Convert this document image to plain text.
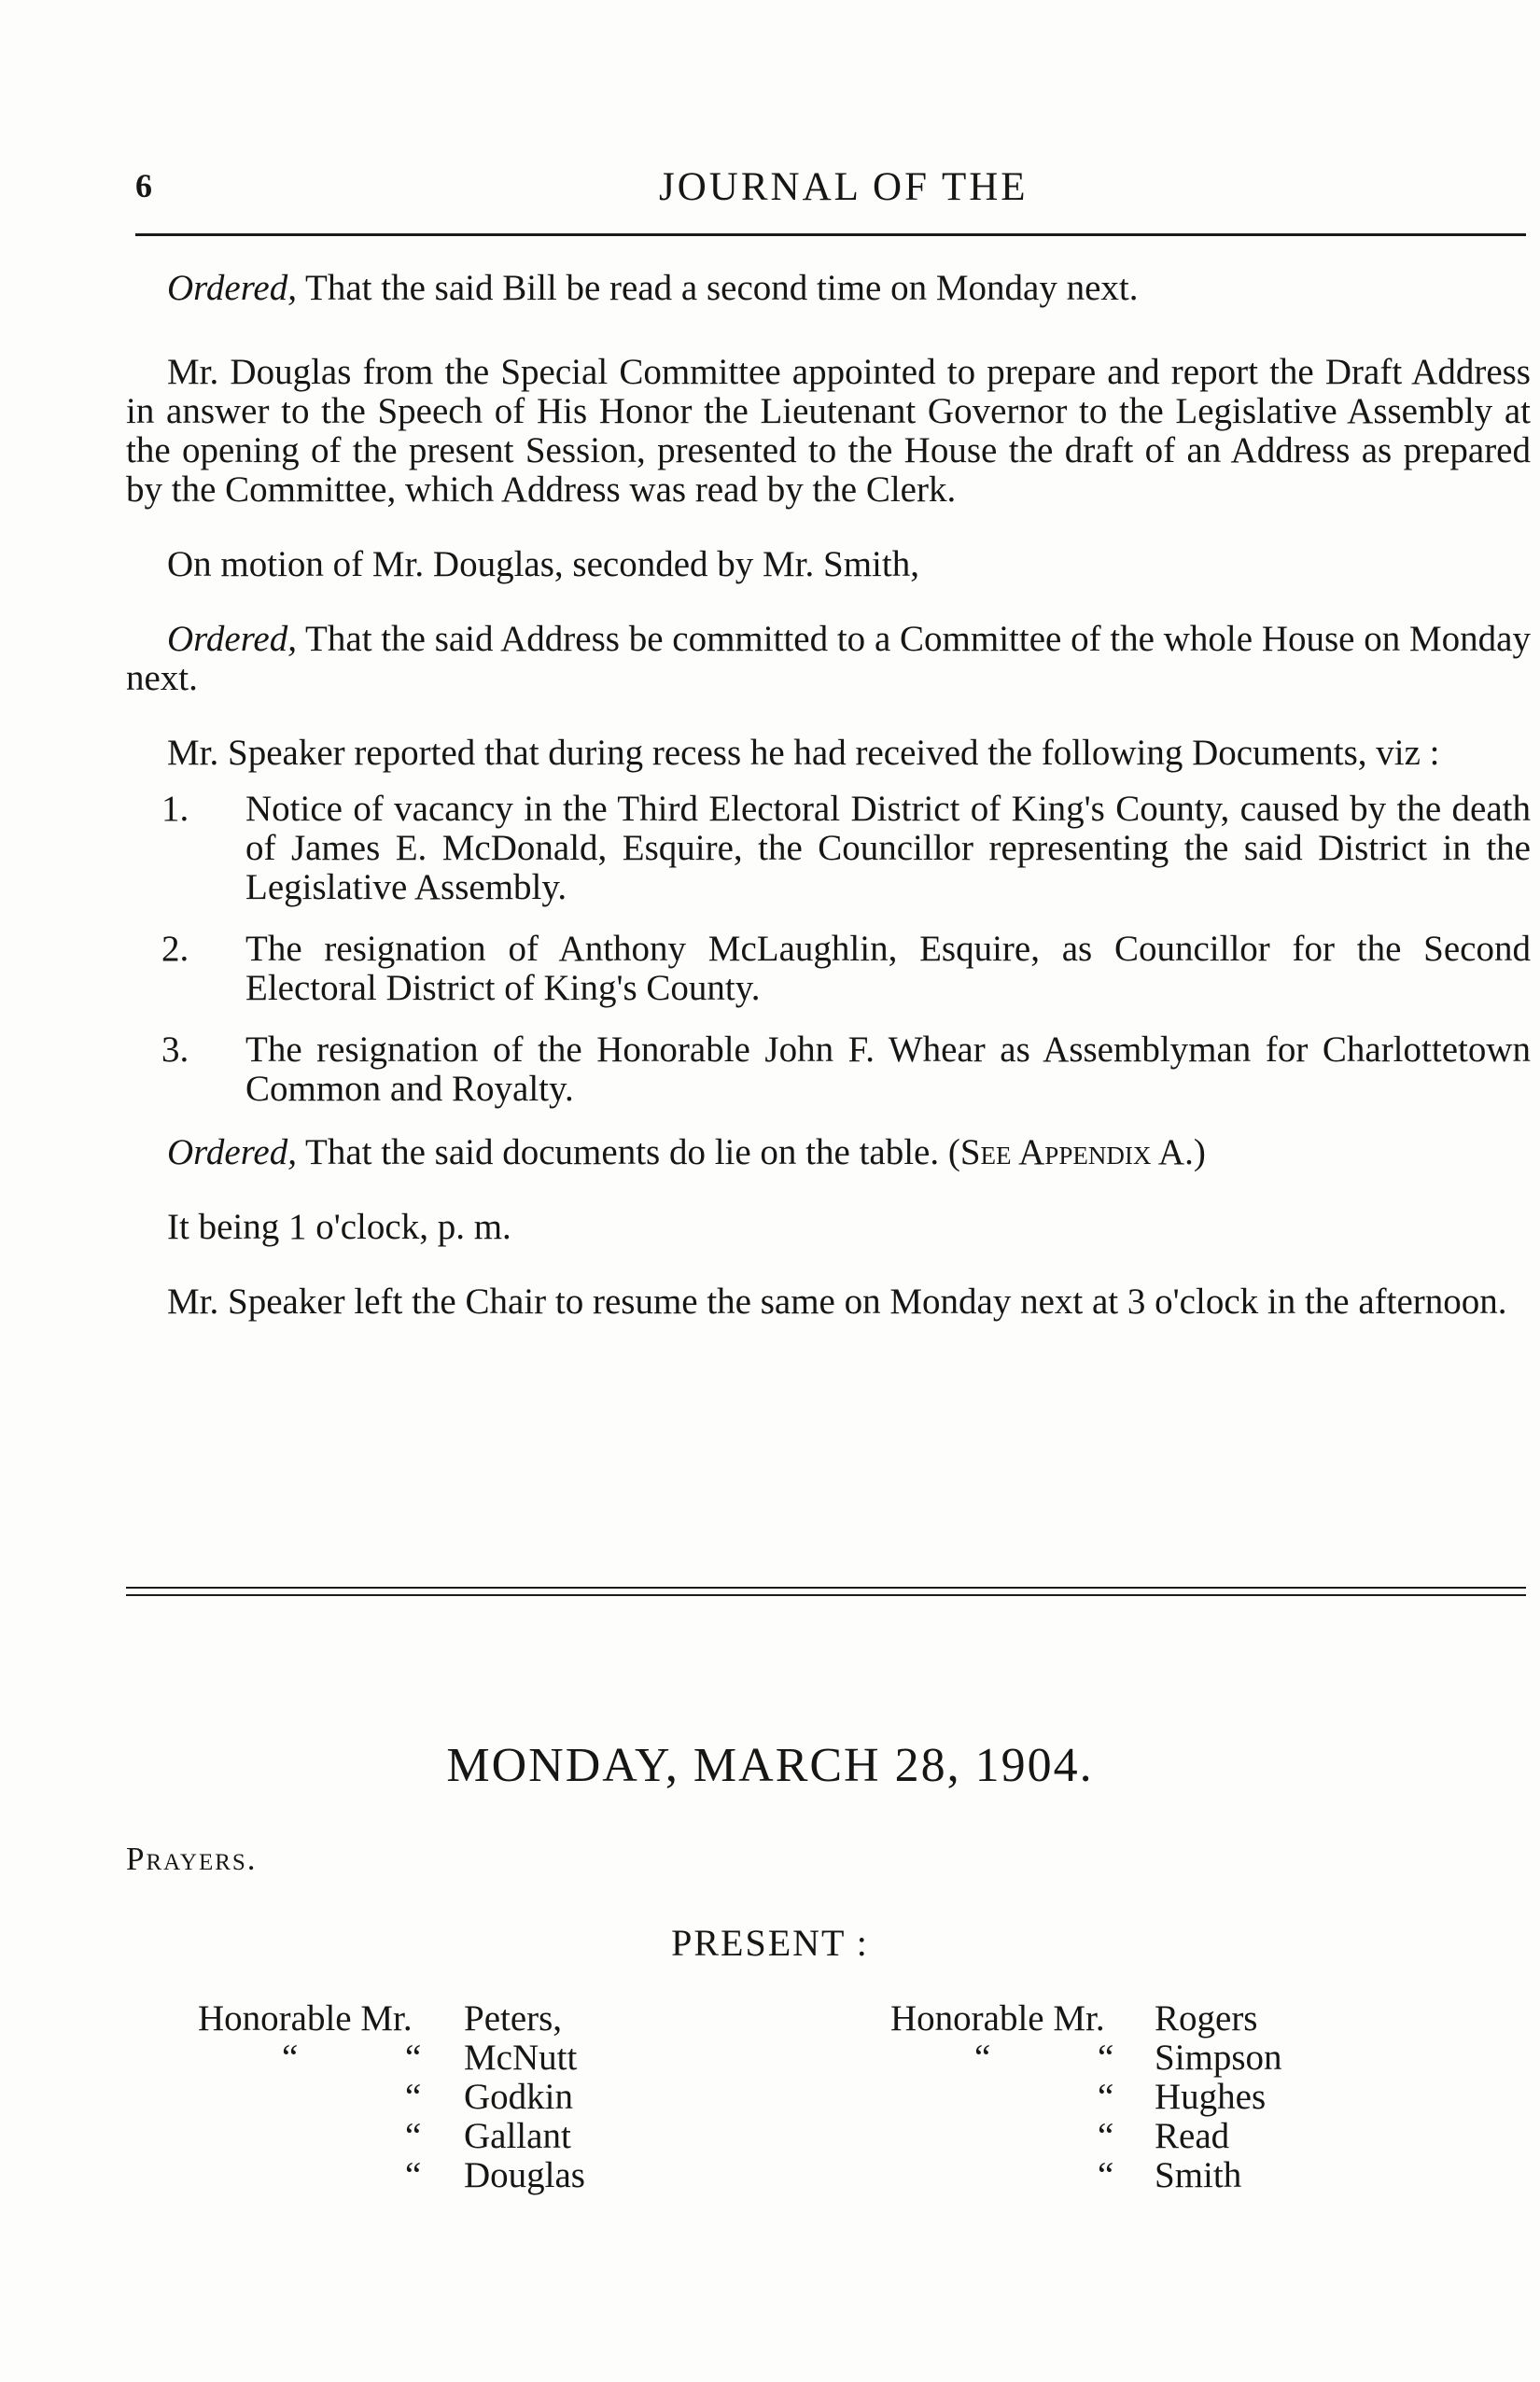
6	JOURNAL OF THE

Ordered, That the said Bill be read a second time on Monday next.

Mr. Douglas from the Special Committee appointed to prepare and report the Draft Address in answer to the Speech of His Honor the Lieutenant Governor to the Legislative Assembly at the opening of the present Session, presented to the House the draft of an Address as prepared by the Committee, which Address was read by the Clerk.

On motion of Mr. Douglas, seconded by Mr. Smith,

Ordered, That the said Address be committed to a Committee of the whole House on Monday next.

Mr. Speaker reported that during recess he had received the following Documents, viz :

1. Notice of vacancy in the Third Electoral District of King's County, caused by the death of James E. McDonald, Esquire, the Councillor representing the said District in the Legislative Assembly.
2. The resignation of Anthony McLaughlin, Esquire, as Councillor for the Second Electoral District of King's County.
3. The resignation of the Honorable John F. Whear as Assemblyman for Charlottetown Common and Royalty.

Ordered, That the said documents do lie on the table. (See Appendix A.)

It being 1 o'clock, p. m.

Mr. Speaker left the Chair to resume the same on Monday next at 3 o'clock in the afternoon.

MONDAY, MARCH 28, 1904.
Prayers.
PRESENT :
Honorable Mr. Peters,
“	“ McNutt
“ Godkin
“ Gallant
“ Douglas
Honorable Mr. Rogers
“	“ Simpson
“ Hughes
“ Read
“ Smith
